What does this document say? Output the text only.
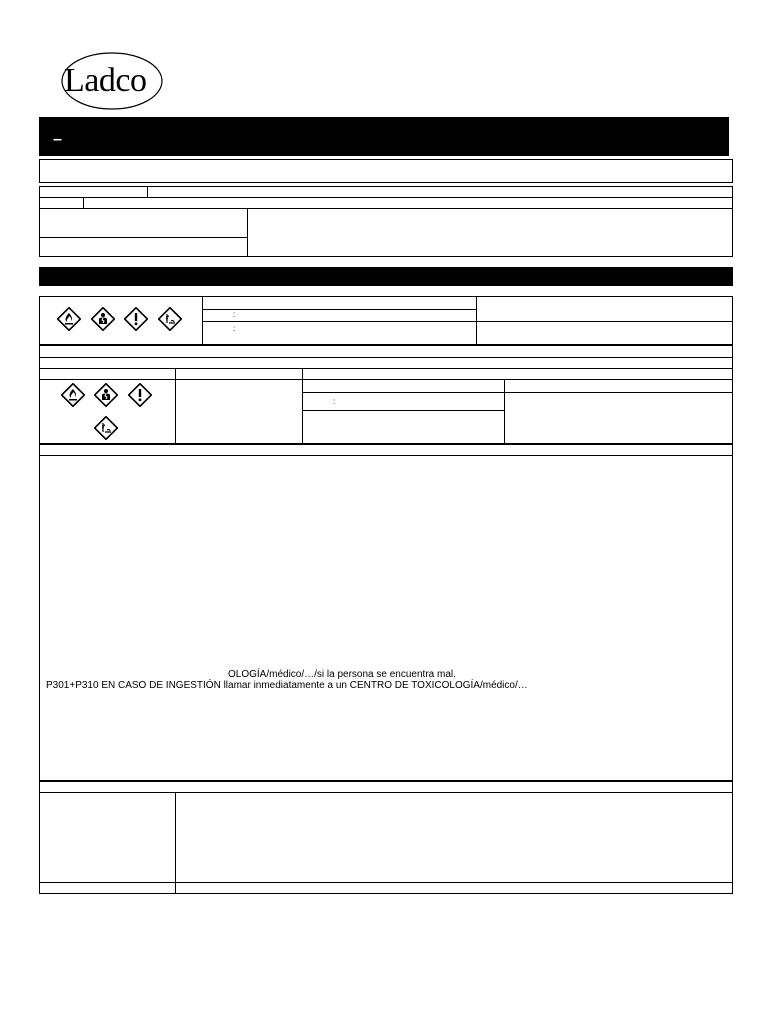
Ladco
–
:
:
:
OLOGÍA/médico/…/si la persona se encuentra mal.
P301+P310 EN CASO DE INGESTIÓN llamar inmediatamente a un CENTRO DE TOXICOLOGÍA/médico/…
